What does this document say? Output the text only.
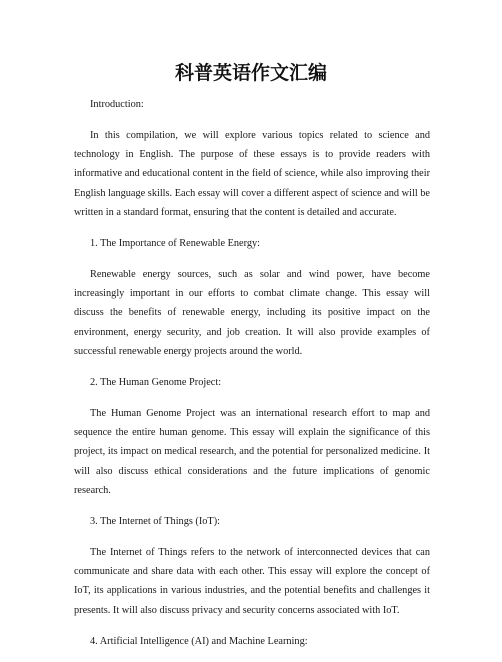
科普英语作文汇编

Introduction:

In this compilation, we will explore various topics related to science and technology in English. The purpose of these essays is to provide readers with informative and educational content in the field of science, while also improving their English language skills. Each essay will cover a different aspect of science and will be written in a standard format, ensuring that the content is detailed and accurate.

1. The Importance of Renewable Energy:

Renewable energy sources, such as solar and wind power, have become increasingly important in our efforts to combat climate change. This essay will discuss the benefits of renewable energy, including its positive impact on the environment, energy security, and job creation. It will also provide examples of successful renewable energy projects around the world.

2. The Human Genome Project:

The Human Genome Project was an international research effort to map and sequence the entire human genome. This essay will explain the significance of this project, its impact on medical research, and the potential for personalized medicine. It will also discuss ethical considerations and the future implications of genomic research.

3. The Internet of Things (IoT):

The Internet of Things refers to the network of interconnected devices that can communicate and share data with each other. This essay will explore the concept of IoT, its applications in various industries, and the potential benefits and challenges it presents. It will also discuss privacy and security concerns associated with IoT.

4. Artificial Intelligence (AI) and Machine Learning:
